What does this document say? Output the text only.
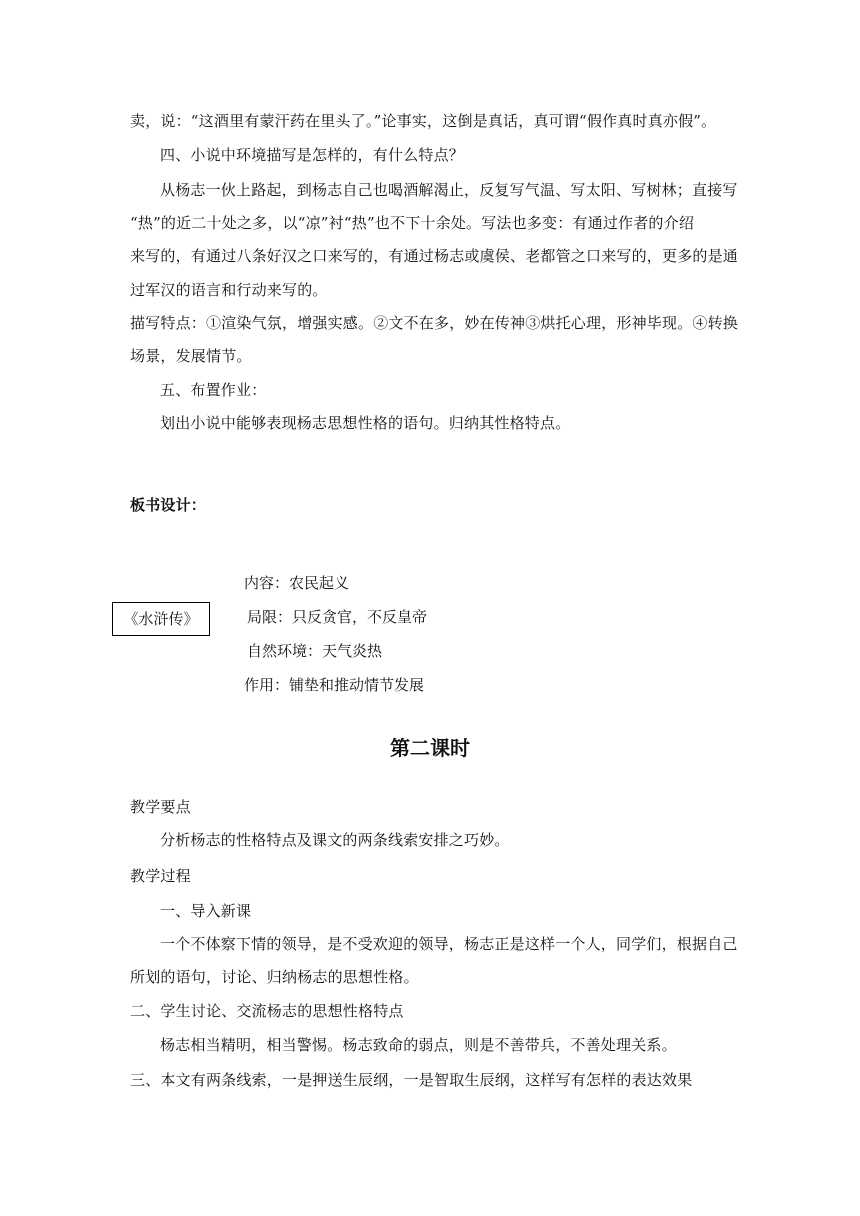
卖，说：“这酒里有蒙汗药在里头了。”论事实，这倒是真话，真可谓“假作真时真亦假”。
四、小说中环境描写是怎样的，有什么特点？
从杨志一伙上路起，到杨志自己也喝酒解渴止，反复写气温、写太阳、写树林；直接写
“热”的近二十处之多，以“凉”衬“热”也不下十余处。写法也多变：有通过作者的介绍
来写的，有通过八条好汉之口来写的，有通过杨志或虞侯、老都管之口来写的，更多的是通
过军汉的语言和行动来写的。
描写特点：①渲染气氛，增强实感。②文不在多，妙在传神③烘托心理，形神毕现。④转换
场景，发展情节。
五、布置作业：
划出小说中能够表现杨志思想性格的语句。归纳其性格特点。
板书设计：
《水浒传》
内容：农民起义
局限：只反贪官，不反皇帝
自然环境：天气炎热
作用：铺垫和推动情节发展
第二课时
教学要点
分析杨志的性格特点及课文的两条线索安排之巧妙。
教学过程
一、导入新课
一个不体察下情的领导，是不受欢迎的领导，杨志正是这样一个人，同学们，根据自己
所划的语句，讨论、归纳杨志的思想性格。
二、学生讨论、交流杨志的思想性格特点
杨志相当精明，相当警惕。杨志致命的弱点，则是不善带兵，不善处理关系。
三、本文有两条线索，一是押送生辰纲，一是智取生辰纲，这样写有怎样的表达效果
